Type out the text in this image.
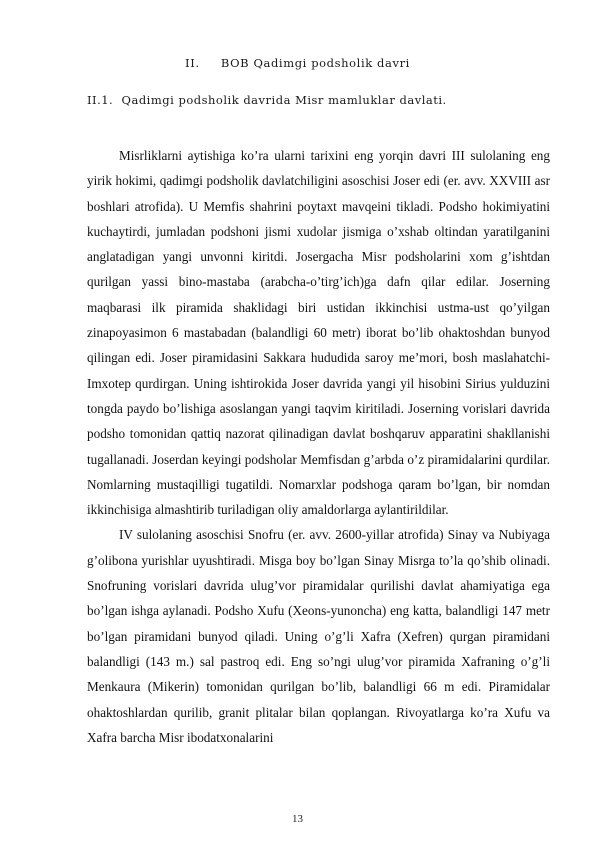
II. BOB Qadimgi podsholik davri
II.1. Qadimgi podsholik davrida Misr mamluklar davlati.

Misrliklarni aytishiga ko’ra ularni tarixini eng yorqin davri III sulolaning eng yirik hokimi, qadimgi podsholik davlatchiligini asoschisi Joser edi (er. avv. XXVIII asr boshlari atrofida). U Memfis shahrini poytaxt mavqeini tikladi. Podsho hokimiyatini kuchaytirdi, jumladan podshoni jismi xudolar jismiga o’xshab oltindan yaratilganini anglatadigan yangi unvonni kiritdi. Josergacha Misr podsholarini xom g’ishtdan qurilgan yassi bino-mastaba (arabcha-o’tirg’ich)ga dafn qilar edilar. Joserning maqbarasi ilk piramida shaklidagi biri ustidan ikkinchisi ustma-ust qo’yilgan zinapoyasimon 6 mastabadan (balandligi 60 metr) iborat bo’lib ohaktoshdan bunyod qilingan edi. Joser piramidasini Sakkara hududida saroy me’mori, bosh maslahatchi-Imxotep qurdirgan. Uning ishtirokida Joser davrida yangi yil hisobini Sirius yulduzini tongda paydo bo’lishiga asoslangan yangi taqvim kiritiladi. Joserning vorislari davrida podsho tomonidan qattiq nazorat qilinadigan davlat boshqaruv apparatini shakllanishi tugallanadi. Joserdan keyingi podsholar Memfisdan g’arbda o’z piramidalarini qurdilar. Nomlarning mustaqilligi tugatildi. Nomarxlar podshoga qaram bo’lgan, bir nomdan ikkinchisiga almashtirib turiladigan oliy amaldorlarga aylantirildilar.

IV sulolaning asoschisi Snofru (er. avv. 2600-yillar atrofida) Sinay va Nubiyaga g’olibona yurishlar uyushtiradi. Misga boy bo’lgan Sinay Misrga to’la qo’shib olinadi. Snofruning vorislari davrida ulug’vor piramidalar qurilishi davlat ahamiyatiga ega bo’lgan ishga aylanadi. Podsho Xufu (Xeons-yunoncha) eng katta, balandligi 147 metr bo’lgan piramidani bunyod qiladi. Uning o’g’li Xafra (Xefren) qurgan piramidani balandligi (143 m.) sal pastroq edi. Eng so’ngi ulug’vor piramida Xafraning o’g’li Menkaura (Mikerin) tomonidan qurilgan bo’lib, balandligi 66 m edi. Piramidalar ohaktoshlardan qurilib, granit plitalar bilan qoplangan. Rivoyatlarga ko’ra Xufu va Xafra barcha Misr ibodatxonalarini

13
